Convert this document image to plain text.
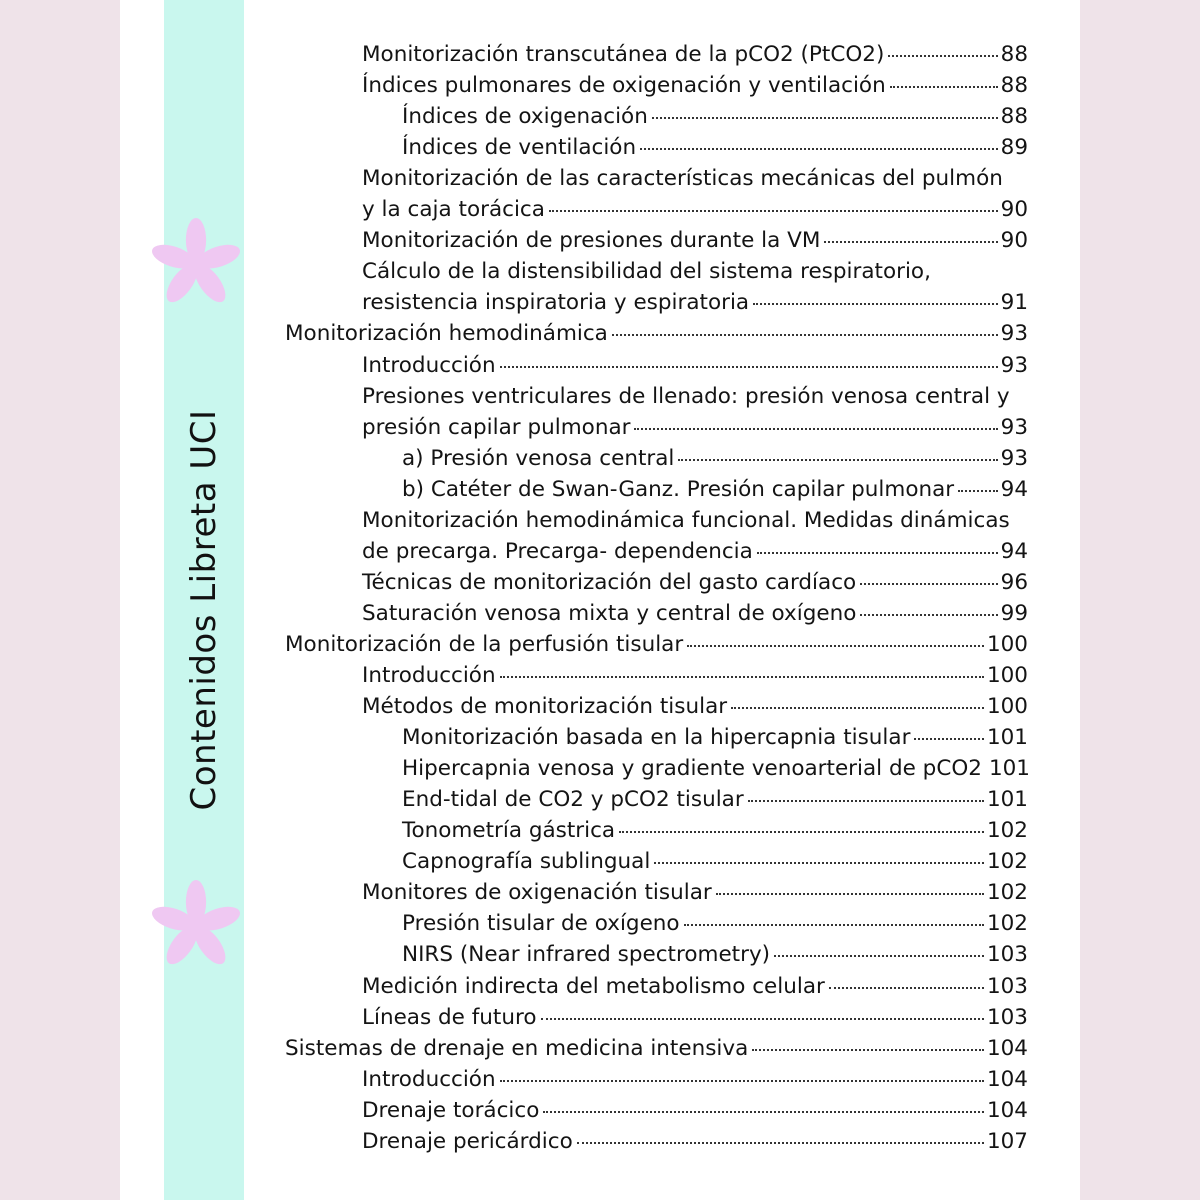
Contenidos Libreta UCI
Monitorización transcutánea de la pCO2 (PtCO2)	88
Índices pulmonares de oxigenación y ventilación	88
Índices de oxigenación	88
Índices de ventilación	89
Monitorización de las características mecánicas del pulmón
y la caja torácica	90
Monitorización de presiones durante la VM	90
Cálculo de la distensibilidad del sistema respiratorio,
resistencia inspiratoria y espiratoria	91
Monitorización hemodinámica	93
Introducción	93
Presiones ventriculares de llenado: presión venosa central y
presión capilar pulmonar	93
a) Presión venosa central	93
b) Catéter de Swan-Ganz. Presión capilar pulmonar 94
Monitorización hemodinámica funcional. Medidas dinámicas
de precarga. Precarga- dependencia	94
Técnicas de monitorización del gasto cardíaco	96
Saturación venosa mixta y central de oxígeno	99
Monitorización de la perfusión tisular	100
Introducción	100
Métodos de monitorización tisular	100
Monitorización basada en la hipercapnia tisular	101
Hipercapnia venosa y gradiente venoarterial de pCO2 101
End-tidal de CO2 y pCO2 tisular	101
Tonometría gástrica	102
Capnografía sublingual	102
Monitores de oxigenación tisular	102
Presión tisular de oxígeno	102
NIRS (Near infrared spectrometry)	103
Medición indirecta del metabolismo celular	103
Líneas de futuro	103
Sistemas de drenaje en medicina intensiva	104
Introducción	104
Drenaje torácico	104
Drenaje pericárdico	107
